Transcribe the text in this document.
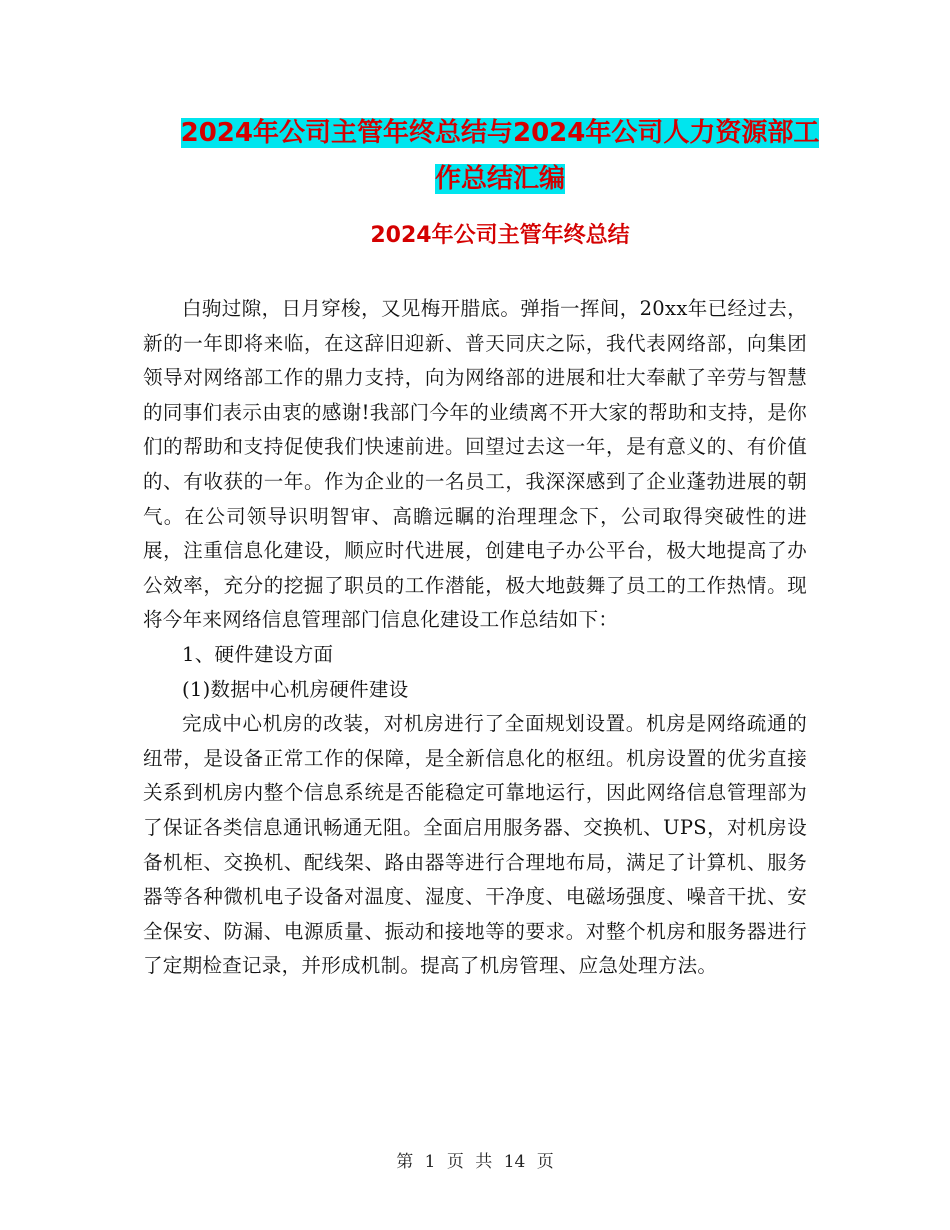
2024年公司主管年终总结与2024年公司人力资源部工
作总结汇编
2024年公司主管年终总结

白驹过隙，日月穿梭，又见梅开腊底。弹指一挥间，20xx年已经过去，新的一年即将来临，在这辞旧迎新、普天同庆之际，我代表网络部，向集团领导对网络部工作的鼎力支持，向为网络部的进展和壮大奉献了辛劳与智慧的同事们表示由衷的感谢!我部门今年的业绩离不开大家的帮助和支持，是你们的帮助和支持促使我们快速前进。回望过去这一年，是有意义的、有价值的、有收获的一年。作为企业的一名员工，我深深感到了企业蓬勃进展的朝气。在公司领导识明智审、高瞻远瞩的治理理念下，公司取得突破性的进展，注重信息化建设，顺应时代进展，创建电子办公平台，极大地提高了办公效率，充分的挖掘了职员的工作潜能，极大地鼓舞了员工的工作热情。现将今年来网络信息管理部门信息化建设工作总结如下：

1、硬件建设方面

(1)数据中心机房硬件建设

完成中心机房的改装，对机房进行了全面规划设置。机房是网络疏通的纽带，是设备正常工作的保障，是全新信息化的枢纽。机房设置的优劣直接关系到机房内整个信息系统是否能稳定可靠地运行，因此网络信息管理部为了保证各类信息通讯畅通无阻。全面启用服务器、交换机、UPS，对机房设备机柜、交换机、配线架、路由器等进行合理地布局，满足了计算机、服务器等各种微机电子设备对温度、湿度、干净度、电磁场强度、噪音干扰、安全保安、防漏、电源质量、振动和接地等的要求。对整个机房和服务器进行了定期检查记录，并形成机制。提高了机房管理、应急处理方法。

第 1 页 共 14 页
